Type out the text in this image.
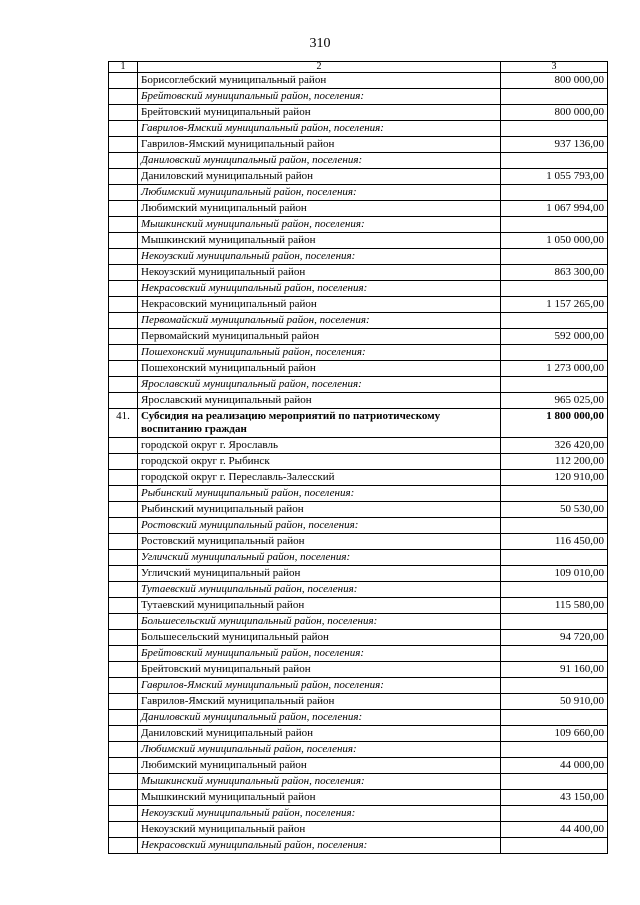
310
1	2	3
	Борисоглебский муниципальный район	800 000,00
	Брейтовский муниципальный район, поселения:	
	Брейтовский муниципальный район	800 000,00
	Гаврилов-Ямский муниципальный район, поселения:	
	Гаврилов-Ямский муниципальный район	937 136,00
	Даниловский муниципальный район, поселения:	
	Даниловский муниципальный район	1 055 793,00
	Любимский муниципальный район, поселения:	
	Любимский муниципальный район	1 067 994,00
	Мышкинский муниципальный район, поселения:	
	Мышкинский муниципальный район	1 050 000,00
	Некоузский муниципальный район, поселения:	
	Некоузский муниципальный район	863 300,00
	Некрасовский муниципальный район, поселения:	
	Некрасовский муниципальный район	1 157 265,00
	Первомайский муниципальный район, поселения:	
	Первомайский муниципальный район	592 000,00
	Пошехонский муниципальный район, поселения:	
	Пошехонский муниципальный район	1 273 000,00
	Ярославский муниципальный район, поселения:	
	Ярославский муниципальный район	965 025,00
41.	Субсидия на реализацию мероприятий по патриотическому воспитанию граждан	1 800 000,00
	городской округ г. Ярославль	326 420,00
	городской округ г. Рыбинск	112 200,00
	городской округ г. Переславль-Залесский	120 910,00
	Рыбинский муниципальный район, поселения:	
	Рыбинский муниципальный район	50 530,00
	Ростовский муниципальный район, поселения:	
	Ростовский муниципальный район	116 450,00
	Угличский муниципальный район, поселения:	
	Угличский муниципальный район	109 010,00
	Тутаевский муниципальный район, поселения:	
	Тутаевский муниципальный район	115 580,00
	Большесельский муниципальный район, поселения:	
	Большесельский муниципальный район	94 720,00
	Брейтовский муниципальный район, поселения:	
	Брейтовский муниципальный район	91 160,00
	Гаврилов-Ямский муниципальный район, поселения:	
	Гаврилов-Ямский муниципальный район	50 910,00
	Даниловский муниципальный район, поселения:	
	Даниловский муниципальный район	109 660,00
	Любимский муниципальный район, поселения:	
	Любимский муниципальный район	44 000,00
	Мышкинский муниципальный район, поселения:	
	Мышкинский муниципальный район	43 150,00
	Некоузский муниципальный район, поселения:	
	Некоузский муниципальный район	44 400,00
	Некрасовский муниципальный район, поселения:	
